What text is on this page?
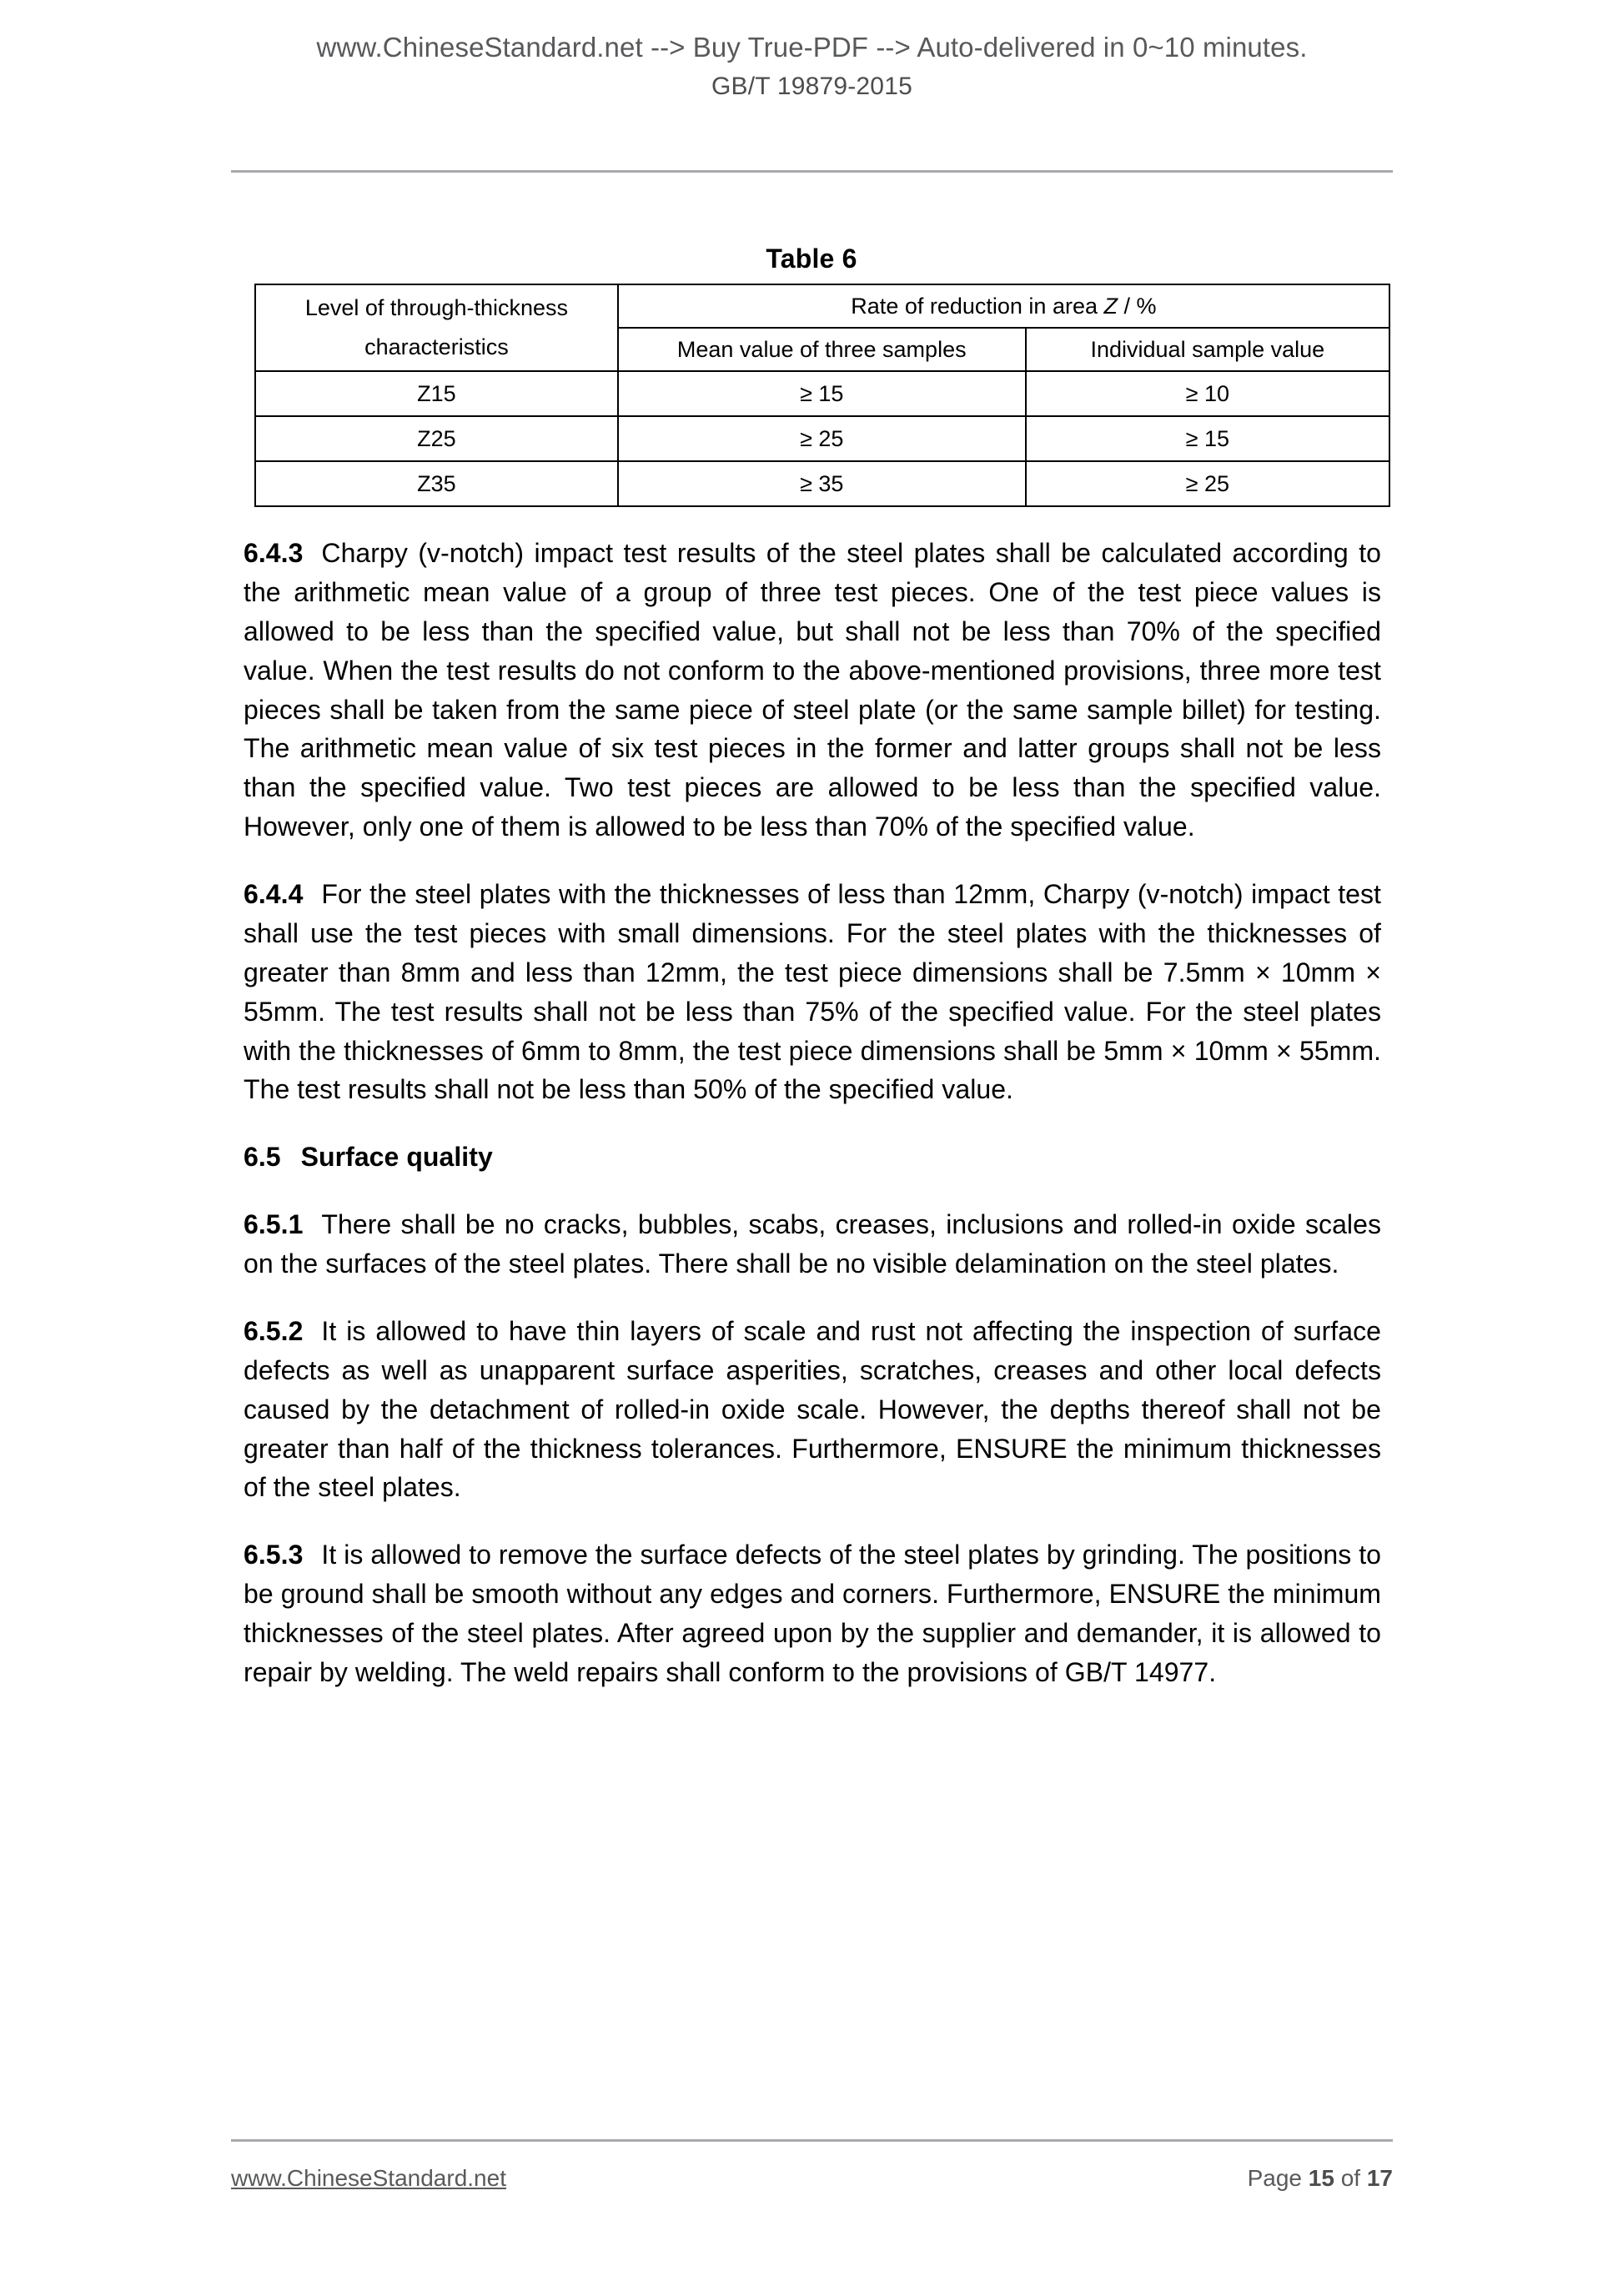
www.ChineseStandard.net --> Buy True-PDF --> Auto-delivered in 0~10 minutes.
GB/T 19879-2015
Table 6
Level of through-thickness
characteristics	Rate of reduction in area Z / %	
	Mean value of three samples	Individual sample value
Z15	≥ 15	≥ 10
Z25	≥ 25	≥ 15
Z35	≥ 35	≥ 25

6.4.3 Charpy (v-notch) impact test results of the steel plates shall be calculated according to the arithmetic mean value of a group of three test pieces. One of the test piece values is allowed to be less than the specified value, but shall not be less than 70% of the specified value. When the test results do not conform to the above-mentioned provisions, three more test pieces shall be taken from the same piece of steel plate (or the same sample billet) for testing. The arithmetic mean value of six test pieces in the former and latter groups shall not be less than the specified value. Two test pieces are allowed to be less than the specified value. However, only one of them is allowed to be less than 70% of the specified value.

6.4.4 For the steel plates with the thicknesses of less than 12mm, Charpy (v-notch) impact test shall use the test pieces with small dimensions. For the steel plates with the thicknesses of greater than 8mm and less than 12mm, the test piece dimensions shall be 7.5mm × 10mm × 55mm. The test results shall not be less than 75% of the specified value. For the steel plates with the thicknesses of 6mm to 8mm, the test piece dimensions shall be 5mm × 10mm × 55mm. The test results shall not be less than 50% of the specified value.

6.5 Surface quality

6.5.1 There shall be no cracks, bubbles, scabs, creases, inclusions and rolled-in oxide scales on the surfaces of the steel plates. There shall be no visible delamination on the steel plates.

6.5.2 It is allowed to have thin layers of scale and rust not affecting the inspection of surface defects as well as unapparent surface asperities, scratches, creases and other local defects caused by the detachment of rolled-in oxide scale. However, the depths thereof shall not be greater than half of the thickness tolerances. Furthermore, ENSURE the minimum thicknesses of the steel plates.

6.5.3 It is allowed to remove the surface defects of the steel plates by grinding. The positions to be ground shall be smooth without any edges and corners. Furthermore, ENSURE the minimum thicknesses of the steel plates. After agreed upon by the supplier and demander, it is allowed to repair by welding. The weld repairs shall conform to the provisions of GB/T 14977.

www.ChineseStandard.net	Page 15 of 17
